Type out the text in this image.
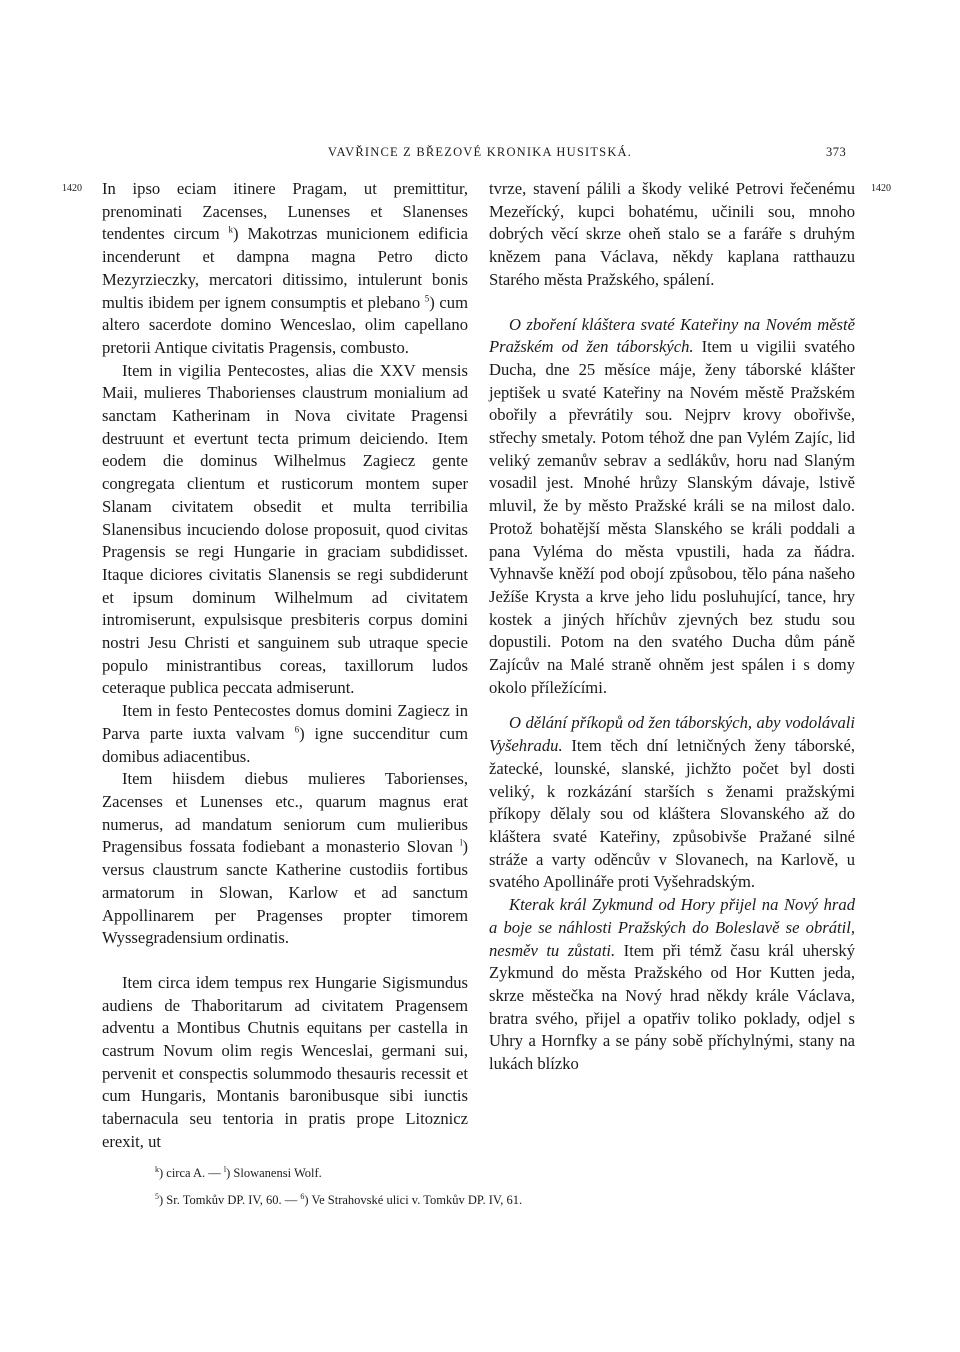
VAVŘINCE Z BŘEZOVÉ KRONIKA HUSITSKÁ.	373
1420	1420

In ipso eciam itinere Pragam, ut premittitur, prenominati Zacenses, Lunenses et Slanenses tendentes circum $^k$) Makotrzas municionem edificia incenderunt et dampna magna Petro dicto Mezyrzieczky, mercatori ditissimo, intulerunt bonis multis ibidem per ignem consumptis et plebano $^5$) cum altero sacerdote domino Wenceslao, olim capellano pretorii Antique civitatis Pragensis, combusto.

Item in vigilia Pentecostes, alias die XXV mensis Maii, mulieres Thaborienses claustrum monialium ad sanctam Katherinam in Nova civitate Pragensi destruunt et evertunt tecta primum deiciendo. Item eodem die dominus Wilhelmus Zagiecz gente congregata clientum et rusticorum montem super Slanam civitatem obsedit et multa terribilia Slanensibus incuciendo dolose proposuit, quod civitas Pragensis se regi Hungarie in graciam subdidisset. Itaque diciores civitatis Slanensis se regi subdiderunt et ipsum dominum Wilhelmum ad civitatem intromiserunt, expulsisque presbiteris corpus domini nostri Jesu Christi et sanguinem sub utraque specie populo ministrantibus coreas, taxillorum ludos ceteraque publica peccata admiserunt.

Item in festo Pentecostes domus domini Zagiecz in Parva parte iuxta valvam $^6$) igne succenditur cum domibus adiacentibus.

Item hiisdem diebus mulieres Taborienses, Zacenses et Lunenses etc., quarum magnus erat numerus, ad mandatum seniorum cum mulieribus Pragensibus fossata fodiebant a monasterio Slovan $^l$) versus claustrum sancte Katherine custodiis fortibus armatorum in Slowan, Karlow et ad sanctum Appollinarem per Pragenses propter timorem Wyssegradensium ordinatis.

Item circa idem tempus rex Hungarie Sigismundus audiens de Thaboritarum ad civitatem Pragensem adventu a Montibus Chutnis equitans per castella in castrum Novum olim regis Wenceslai, germani sui, pervenit et conspectis solummodo thesauris recessit et cum Hungaris, Montanis baronibusque sibi iunctis tabernacula seu tentoria in pratis prope Litoznicz erexit, ut

tvrze, stavení pálili a škody veliké Petrovi řečenému Mezeřícký, kupci bohatému, učinili sou, mnoho dobrých věcí skrze oheň stalo se a faráře s druhým knězem pana Václava, někdy kaplana ratthauzu Starého města Pražského, spálení.

O zboření kláštera svaté Kateřiny na Novém městě Pražském od žen táborských. Item u vigilii svatého Ducha, dne 25 měsíce máje, ženy táborské klášter jeptišek u svaté Kateřiny na Novém městě Pražském obořily a převrátily sou. Nejprv krovy obořivše, střechy smetaly. Potom téhož dne pan Vylém Zajíc, lid veliký zemanův sebrav a sedlákův, horu nad Slaným vosadil jest. Mnohé hrůzy Slanským dávaje, lstivě mluvil, že by město Pražské králi se na milost dalo. Protož bohatější města Slanského se králi poddali a pana Vyléma do města vpustili, hada za ňádra. Vyhnavše kněží pod obojí způsobou, tělo pána našeho Ježíše Krysta a krve jeho lidu posluhující, tance, hry kostek a jiných hříchův zjevných bez studu sou dopustili. Potom na den svatého Ducha dům páně Zajícův na Malé straně ohněm jest spálen i s domy okolo příležícími.

O dělání příkopů od žen táborských, aby vodolávali Vyšehradu. Item těch dní letničných ženy táborské, žatecké, lounské, slanské, jichžto počet byl dosti veliký, k rozkázání starších s ženami pražskými příkopy dělaly sou od kláštera Slovanského až do kláštera svaté Kateřiny, způsobivše Pražané silné stráže a varty oděncův v Slovanech, na Karlově, u svatého Apollináře proti Vyšehradským.

Kterak král Zykmund od Hory přijel na Nový hrad a boje se náhlosti Pražských do Boleslavě se obrátil, nesměv tu zůstati. Item při témž času král uherský Zykmund do města Pražského od Hor Kutten jeda, skrze městečka na Nový hrad někdy krále Václava, bratra svého, přijel a opatřiv toliko poklady, odjel s Uhry a Hornfky a se pány sobě příchylnými, stany na lukách blízko

$^k$) circa A. — $^l$) Slowanensi Wolf.
$^5$) Sr. Tomkův DP. IV, 60. — $^6$) Ve Strahovské ulici v. Tomkův DP. IV, 61.
